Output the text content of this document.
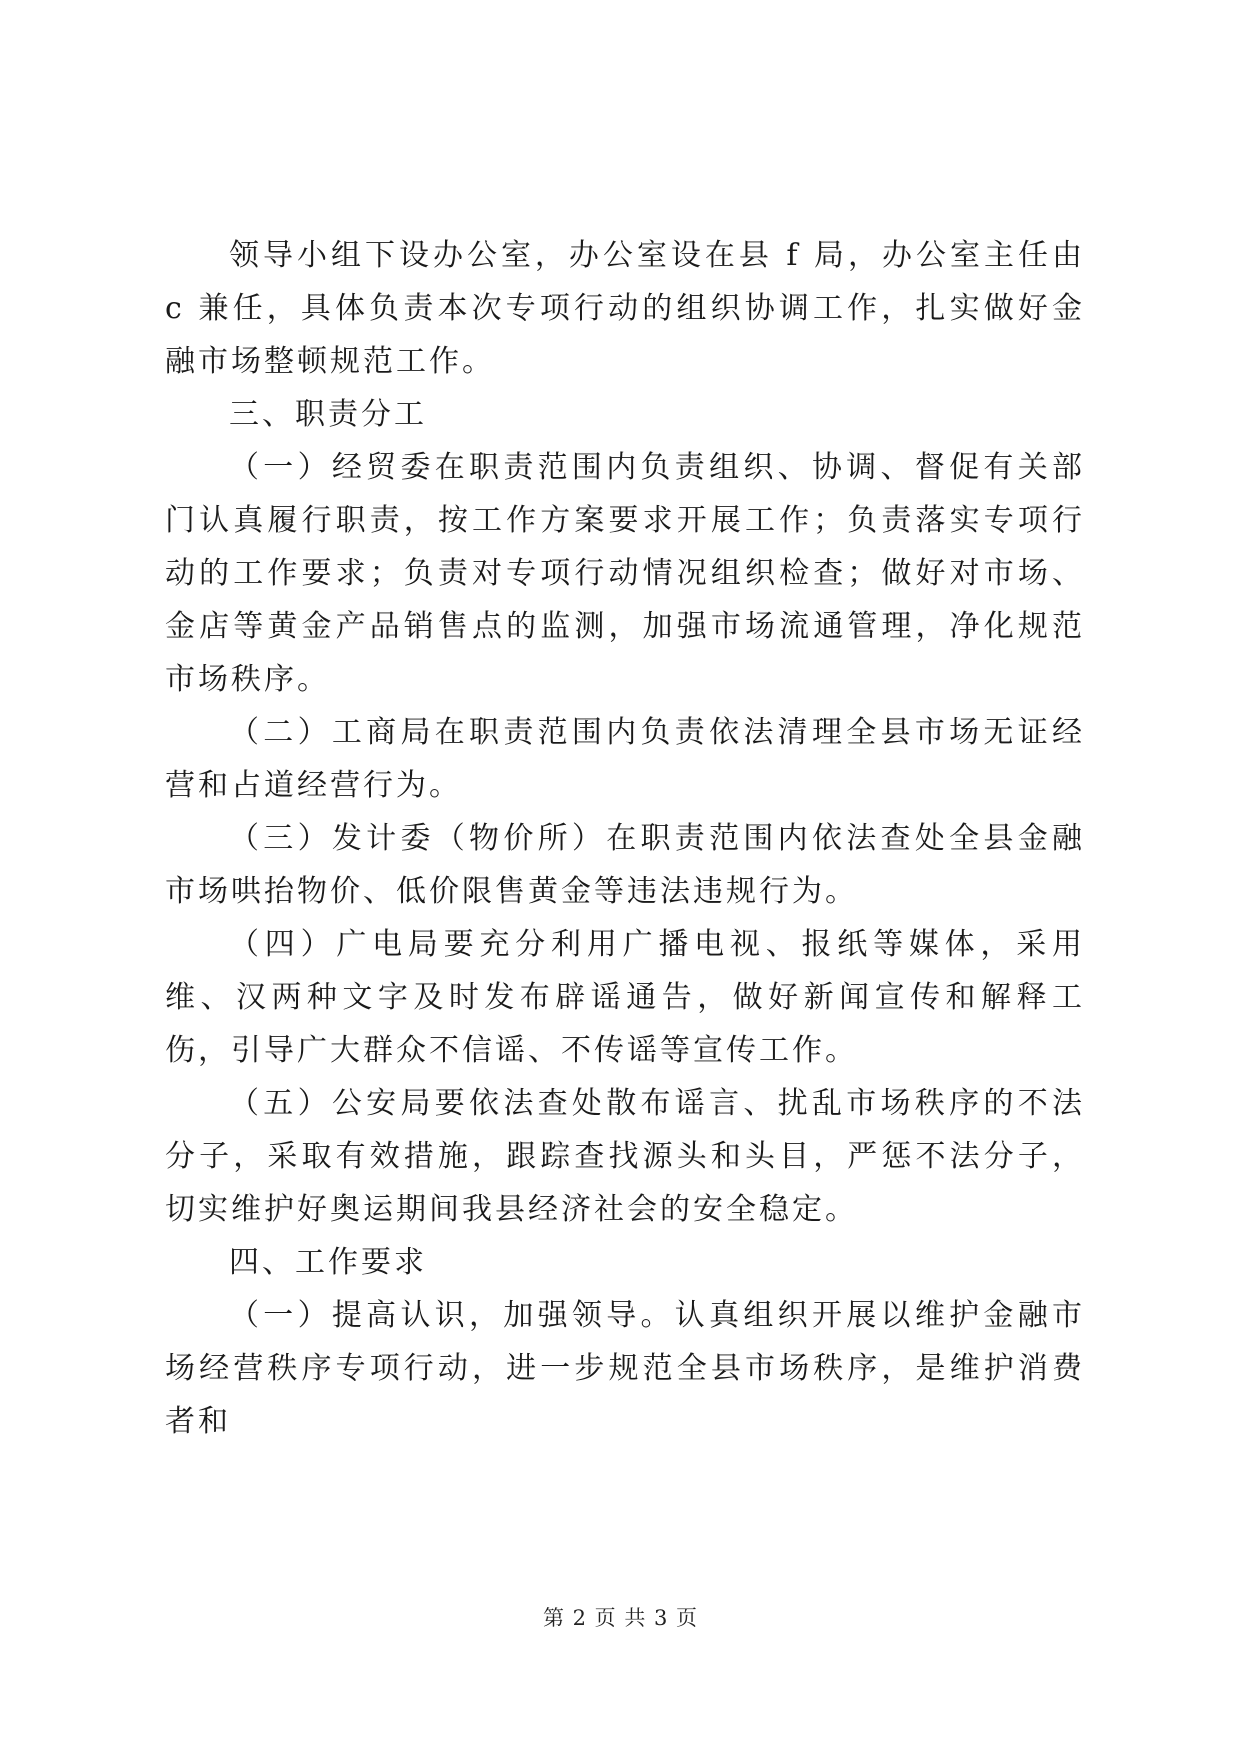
领导小组下设办公室，办公室设在县 f 局，办公室主任由 c 兼任，具体负责本次专项行动的组织协调工作，扎实做好金融市场整顿规范工作。

三、职责分工

（一）经贸委在职责范围内负责组织、协调、督促有关部门认真履行职责，按工作方案要求开展工作；负责落实专项行动的工作要求；负责对专项行动情况组织检查；做好对市场、金店等黄金产品销售点的监测，加强市场流通管理，净化规范市场秩序。

（二）工商局在职责范围内负责依法清理全县市场无证经营和占道经营行为。

（三）发计委（物价所）在职责范围内依法查处全县金融市场哄抬物价、低价限售黄金等违法违规行为。

（四）广电局要充分利用广播电视、报纸等媒体，采用维、汉两种文字及时发布辟谣通告，做好新闻宣传和解释工伤，引导广大群众不信谣、不传谣等宣传工作。

（五）公安局要依法查处散布谣言、扰乱市场秩序的不法分子，采取有效措施，跟踪查找源头和头目，严惩不法分子，切实维护好奥运期间我县经济社会的安全稳定。

四、工作要求

（一）提高认识，加强领导。认真组织开展以维护金融市场经营秩序专项行动，进一步规范全县市场秩序，是维护消费者和

第 2 页 共 3 页
